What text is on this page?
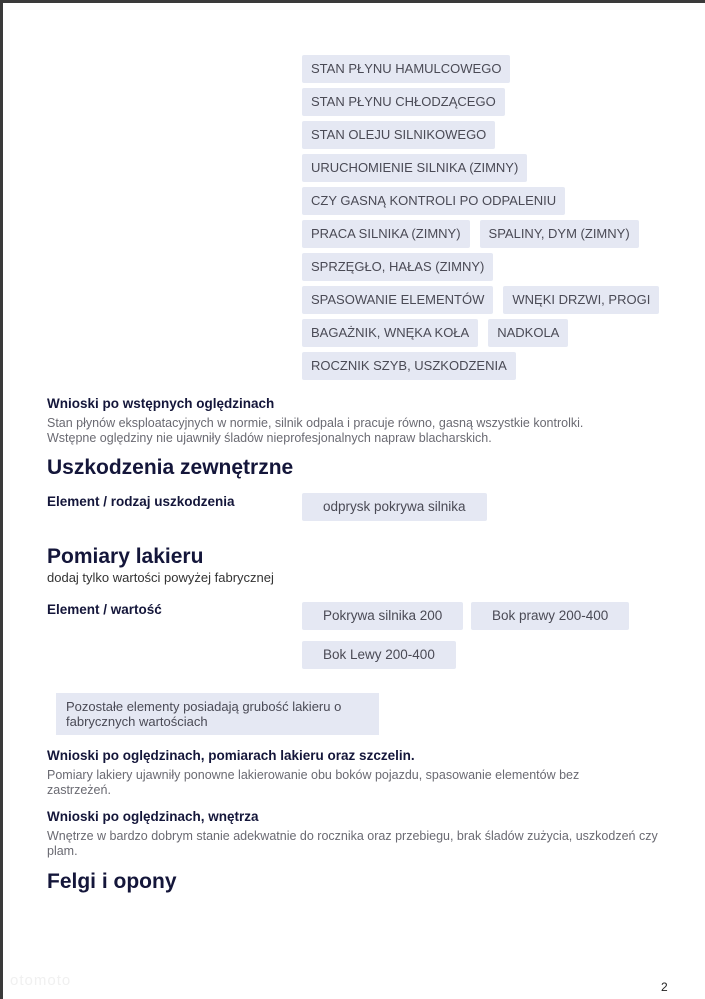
STAN PŁYNU HAMULCOWEGO
STAN PŁYNU CHŁODZĄCEGO
STAN OLEJU SILNIKOWEGO
URUCHOMIENIE SILNIKA (ZIMNY)
CZY GASNĄ KONTROLI PO ODPALENIU
PRACA SILNIKA (ZIMNY)	SPALINY, DYM (ZIMNY)
SPRZĘGŁO, HAŁAS (ZIMNY)
SPASOWANIE ELEMENTÓW	WNĘKI DRZWI, PROGI
BAGAŻNIK, WNĘKA KOŁA	NADKOLA
ROCZNIK SZYB, USZKODZENIA
Wnioski po wstępnych oględzinach
Stan płynów eksploatacyjnych w normie, silnik odpala i pracuje równo, gasną wszystkie kontrolki.
Wstępne oględziny nie ujawniły śladów nieprofesjonalnych napraw blacharskich.
Uszkodzenia zewnętrzne
Element / rodzaj uszkodzenia	odprysk pokrywa silnika
Pomiary lakieru
dodaj tylko wartości powyżej fabrycznej
Element / wartość	Pokrywa silnika 200	Bok prawy 200-400
Bok Lewy 200-400
Pozostałe elementy posiadają grubość lakieru o fabrycznych wartościach
Wnioski po oględzinach, pomiarach lakieru oraz szczelin.
Pomiary lakiery ujawniły ponowne lakierowanie obu boków pojazdu, spasowanie elementów bez zastrzeżeń.
Wnioski po oględzinach, wnętrza
Wnętrze w bardzo dobrym stanie adekwatnie do rocznika oraz przebiegu, brak śladów zużycia, uszkodzeń czy plam.
Felgi i opony
otomoto	2
